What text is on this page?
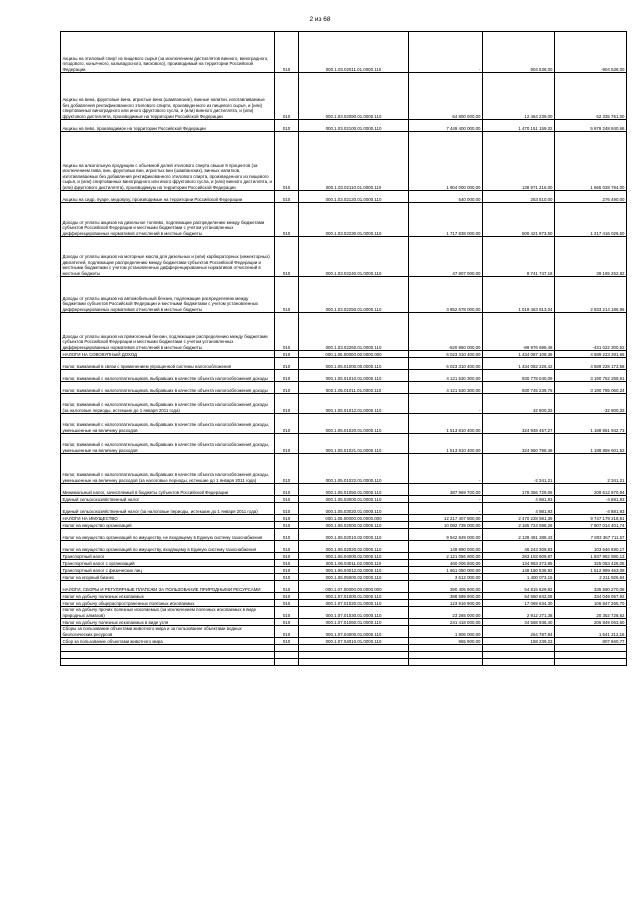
2 из 68
Акцизы на этиловый спирт из пищевого сырья (за исключением дистиллятов винного, виноградного, плодового, коньячного, кальвадосного, вискового), производимый на территории Российской Федерации	010	000.1.03.02011.01.0000.110	-	904 538,00	-904 538,00
Акцизы на вина, фруктовые вина, игристые вина (шампанские), винные напитки, изготавливаемые без добавления ректификованного этилового спирта, произведенного из пищевого сырья, и (или) спиртованных виноградного или иного фруктового сусла, и (или) винного дистиллята, и (или) фруктового дистиллята, производимые на территории Российской Федерации	010	000.1.03.02090.01.0000.110	64 800 000,00	12 464 239,00	52 335 761,00
Акцизы на пиво, производимое на территории Российской Федерации	010	000.1.03.02100.01.0000.110	7 449 400 000,00	1 470 151 159,32	5 979 248 840,68
Акцизы на алкогольную продукцию с объемной долей этилового спирта свыше 9 процентов (за исключением пива, вин, фруктовых вин, игристых вин (шампанских), винных напитков, изготавливаемых без добавления ректификованного этилового спирта, произведенного из пищевого сырья, и (или) спиртованных виноградного или иного фруктового сусла, и (или) винного дистиллята, и (или) фруктового дистиллята), производимую на территории Российской Федерации	010	000.1.03.02110.01.0000.110	1 804 000 000,00	138 971 216,00	1 665 028 784,00
Акцизы на сидр, пуаре, медовуху, производимые на территории Российской Федерации	010	000.1.03.02120.01.0000.110	540 000,00	263 510,00	276 490,00
Доходы от уплаты акцизов на дизельное топливо, подлежащие распределению между бюджетами субъектов Российской Федерации и местными бюджетами с учетом установленных дифференцированных нормативов отчислений в местные бюджеты	010	000.1.03.02230.01.0000.110	1 717 838 000,00	500 421 973,50	1 217 416 026,50
Доходы от уплаты акцизов на моторные масла для дизельных и (или) карбюраторных (инжекторных) двигателей, подлежащие распределению между бюджетами субъектов Российской Федерации и местными бюджетами с учетом установленных дифференцированных нормативов отчислений в местные бюджеты	010	000.1.03.02240.01.0000.110	47 907 000,00	8 741 747,18	39 165 252,82
Доходы от уплаты акцизов на автомобильный бензин, подлежащие распределению между бюджетами субъектов Российской Федерации и местными бюджетами с учетом установленных дифференцированных нормативов отчислений в местные бюджеты	010	000.1.03.02250.01.0000.110	3 852 678 000,00	1 019 463 813,04	2 833 214 186,96
Доходы от уплаты акцизов на прямогонный бензин, подлежащие распределению между бюджетами субъектов Российской Федерации и местными бюджетами с учетом установленных дифференцированных нормативов отчислений в местные бюджеты	010	000.1.03.02260.01.0000.110	-520 950 000,00	-89 976 699,48	-431 022 300,52
НАЛОГИ НА СОВОКУПНЫЙ ДОХОД	010	000.1.05.00000.00.0000.000	6 023 310 400,00	1 434 087 108,35	4 589 223 291,65
Налог, взимаемый в связи с применением упрощенной системы налогообложения	010	000.1.05.01000.00.0000.110	6 023 310 400,00	1 434 082 226,42	4 589 228 173,58
Налог, взимаемый с налогоплательщиков, выбравших в качестве объекта налогообложения доходы	010	000.1.05.01010.01.0000.110	4 121 530 300,00	930 778 040,09	3 190 752 259,91
Налог, взимаемый с налогоплательщиков, выбравших в качестве объекта налогообложения доходы	010	000.1.05.01011.01.0000.110	4 121 530 300,00	930 745 239,76	3 190 785 060,24
Налог, взимаемый с налогоплательщиков, выбравших в качестве объекта налогообложения доходы (за налоговые периоды, истекшие до 1 января 2011 года)	010	000.1.05.01012.01.0000.110	-	32 800,33	-32 800,33
Налог, взимаемый с налогоплательщиков, выбравших в качестве объекта налогообложения доходы, уменьшенные на величину расходов	010	000.1.05.01020.01.0000.110	1 513 810 400,00	324 948 457,27	1 188 861 942,73
Налог, взимаемый с налогоплательщиков, выбравших в качестве объекта налогообложения доходы, уменьшенные на величину расходов	010	000.1.05.01021.01.0000.110	1 513 810 400,00	324 950 798,48	1 188 859 601,52
Налог, взимаемый с налогоплательщиков, выбравших в качестве объекта налогообложения доходы, уменьшенные на величину расходов (за налоговые периоды, истекшие до 1 января 2011 года)	010	000.1.05.01022.01.0000.110	-	-2 341,21	2 341,21
Минимальный налог, зачисляемый в бюджеты субъектов Российской Федерации	010	000.1.05.01050.01.0000.110	387 969 700,00	178 356 729,06	209 612 970,94
Единый сельскохозяйственный налог	010	000.1.05.03000.01.0000.110	-	4 881,93	-4 881,93
Единый сельскохозяйственный налог (за налоговые периоды, истекшие до 1 января 2011 года)	010	000.1.05.03020.01.0000.110	-	4 881,93	-4 881,93
НАЛОГИ НА ИМУЩЕСТВО	010	000.1.06.00000.00.0000.000	12 217 407 800,00	2 470 228 581,39	9 747 179 218,61
Налог на имущество организаций	010	000.1.06.02000.02.0000.110	10 092 739 000,00	2 185 724 598,26	7 907 014 401,74
Налог на имущество организаций по имуществу, не входящему в Единую систему газоснабжения	010	000.1.06.02010.02.0000.110	9 942 849 000,00	2 139 481 288,43	7 803 367 711,57
Налог на имущество организаций по имуществу, входящему в Единую систему газоснабжения	010	000.1.06.02020.02.0000.110	149 890 000,00	46 243 309,83	103 646 690,17
Транспортный налог	010	000.1.06.04000.02.0000.110	2 121 056 800,00	283 103 909,87	1 837 952 890,13
Транспортный налог с организаций	010	000.1.06.04011.02.0000.110	460 006 800,00	134 953 373,95	325 053 426,05
Транспортный налог с физических лиц	010	000.1.06.04012.02.0000.110	1 661 050 000,00	148 150 536,92	1 512 899 463,08
Налог на игорный бизнес	010	000.1.06.05000.02.0000.110	3 612 000,00	1 400 073,16	2 211 926,84
НАЛОГИ, СБОРЫ И РЕГУЛЯРНЫЕ ПЛАТЕЖИ ЗА ПОЛЬЗОВАНИЕ ПРИРОДНЫМИ РЕСУРСАМИ	010	000.1.07.00000.00.0000.000	390 405 900,00	54 815 629,92	335 590 270,08
Налог на добычу полезных ископаемых	010	000.1.07.01000.01.0000.110	388 599 900,00	54 550 842,08	334 049 057,92
Налог на добычу общераспространенных полезных ископаемых	010	000.1.07.01020.01.0000.110	123 916 900,00	17 069 634,30	106 847 265,70
Налог на добычу прочих полезных ископаемых (за исключением полезных ископаемых в виде природных алмазов)	010	000.1.07.01030.01.0000.110	23 265 000,00	2 912 271,38	20 352 728,62
Налог на добычу полезных ископаемых в виде угля	010	000.1.07.01060.01.0000.110	241 418 000,00	34 568 936,40	206 849 063,60
Сборы за пользование объектами животного мира и за пользование объектами водных биологических ресурсов	010	000.1.07.04000.01.0000.110	1 806 000,00	264 787,84	1 541 212,16
Сбор за пользование объектами животного мира	010	000.1.07.04010.01.0000.110	965 900,00	158 239,23	807 660,77
